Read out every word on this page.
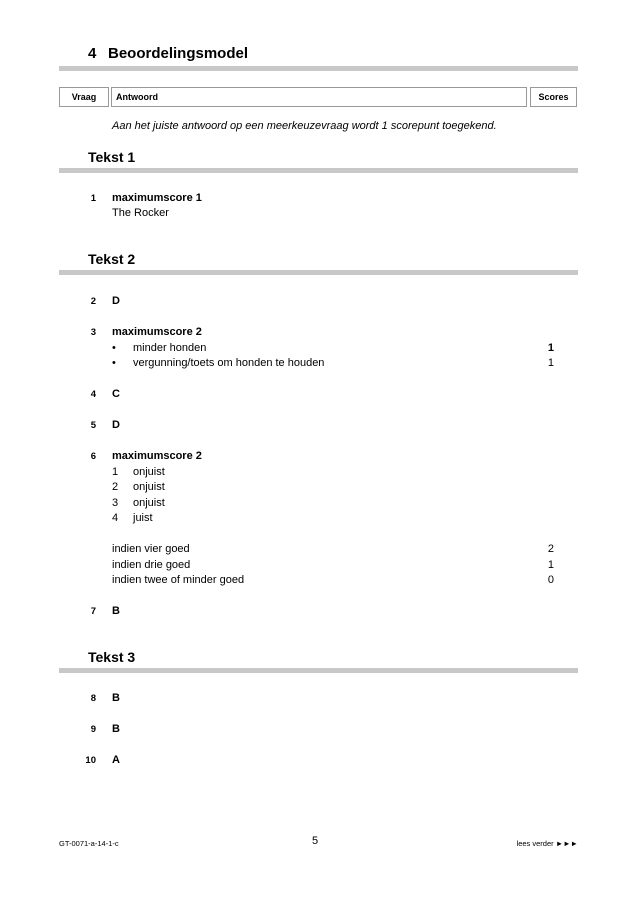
4 Beoordelingsmodel
Vraag	Antwoord	Scores
Aan het juiste antwoord op een meerkeuzevraag wordt 1 scorepunt toegekend.
Tekst 1
1 maximumscore 1
The Rocker
Tekst 2
2 D
3 maximumscore 2
• minder honden	1
• vergunning/toets om honden te houden	1
4 C
5 D
6 maximumscore 2
1 onjuist
2 onjuist
3 onjuist
4 juist
indien vier goed	2
indien drie goed	1
indien twee of minder goed	0
7 B
Tekst 3
8 B
9 B
10 A
GT-0071-a-14-1-c	5	lees verder ►►►
